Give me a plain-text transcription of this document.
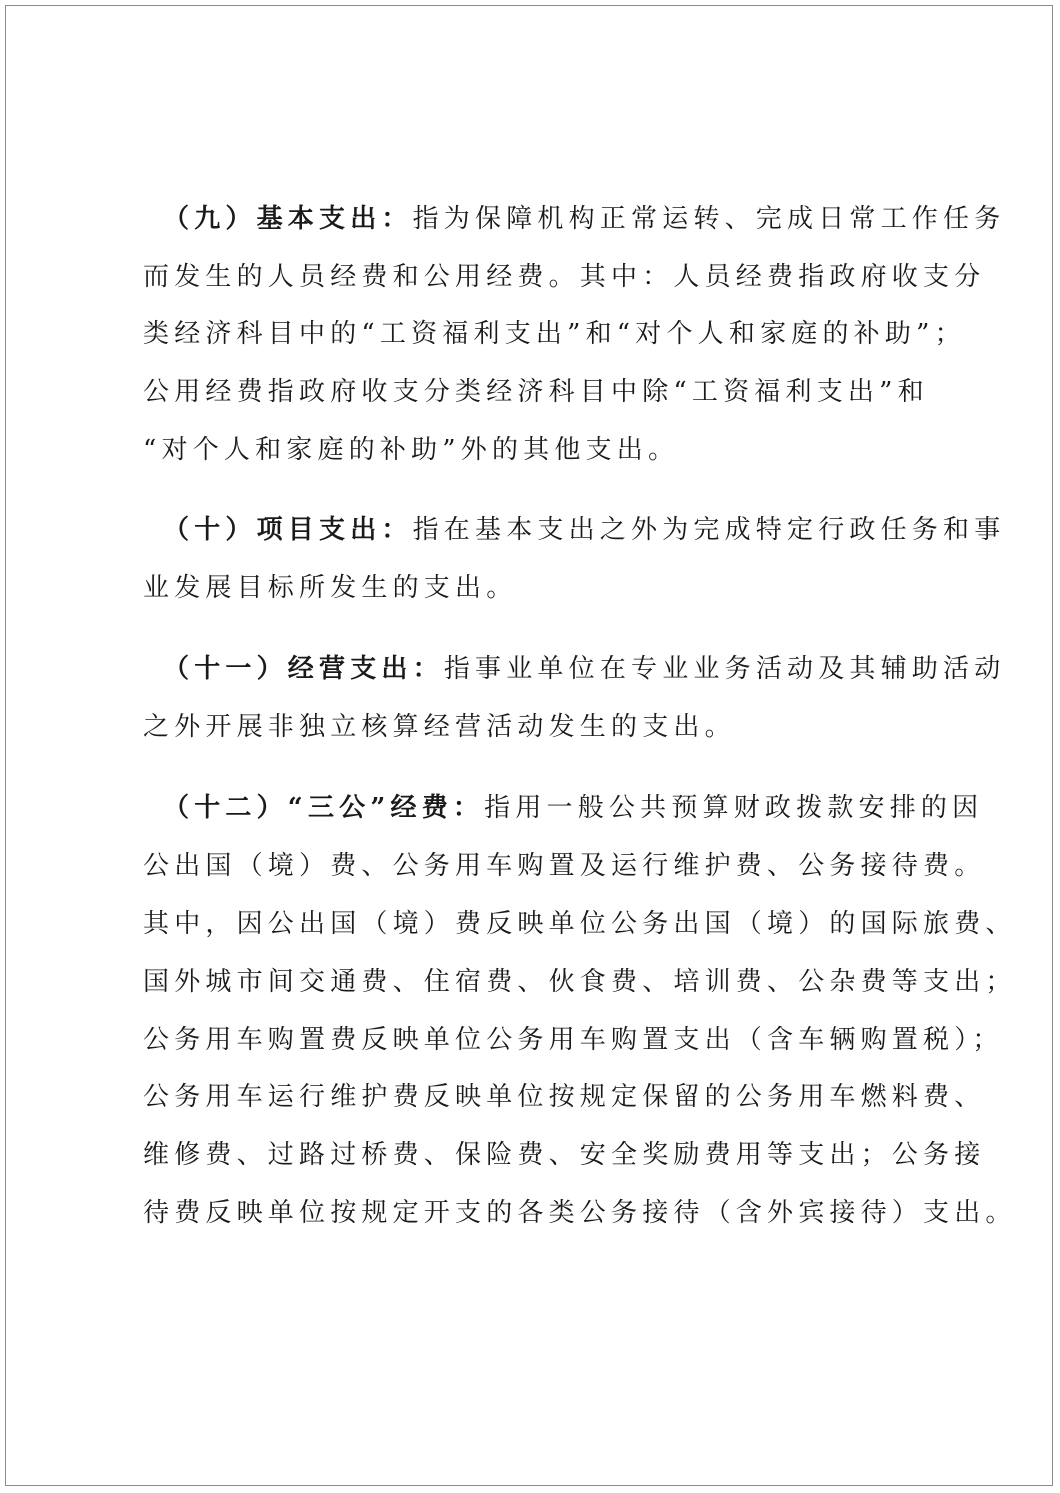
（九）基本支出：指为保障机构正常运转、完成日常工作任务
而发生的人员经费和公用经费。其中：人员经费指政府收支分
类经济科目中的“工资福利支出”和“对个人和家庭的补助”；
公用经费指政府收支分类经济科目中除“工资福利支出”和
“对个人和家庭的补助”外的其他支出。
（十）项目支出：指在基本支出之外为完成特定行政任务和事
业发展目标所发生的支出。
（十一）经营支出：指事业单位在专业业务活动及其辅助活动
之外开展非独立核算经营活动发生的支出。
（十二）“三公”经费：指用一般公共预算财政拨款安排的因
公出国（境）费、公务用车购置及运行维护费、公务接待费。
其中，因公出国（境）费反映单位公务出国（境）的国际旅费、
国外城市间交通费、住宿费、伙食费、培训费、公杂费等支出；
公务用车购置费反映单位公务用车购置支出（含车辆购置税）；
公务用车运行维护费反映单位按规定保留的公务用车燃料费、
维修费、过路过桥费、保险费、安全奖励费用等支出；公务接
待费反映单位按规定开支的各类公务接待（含外宾接待）支出。
